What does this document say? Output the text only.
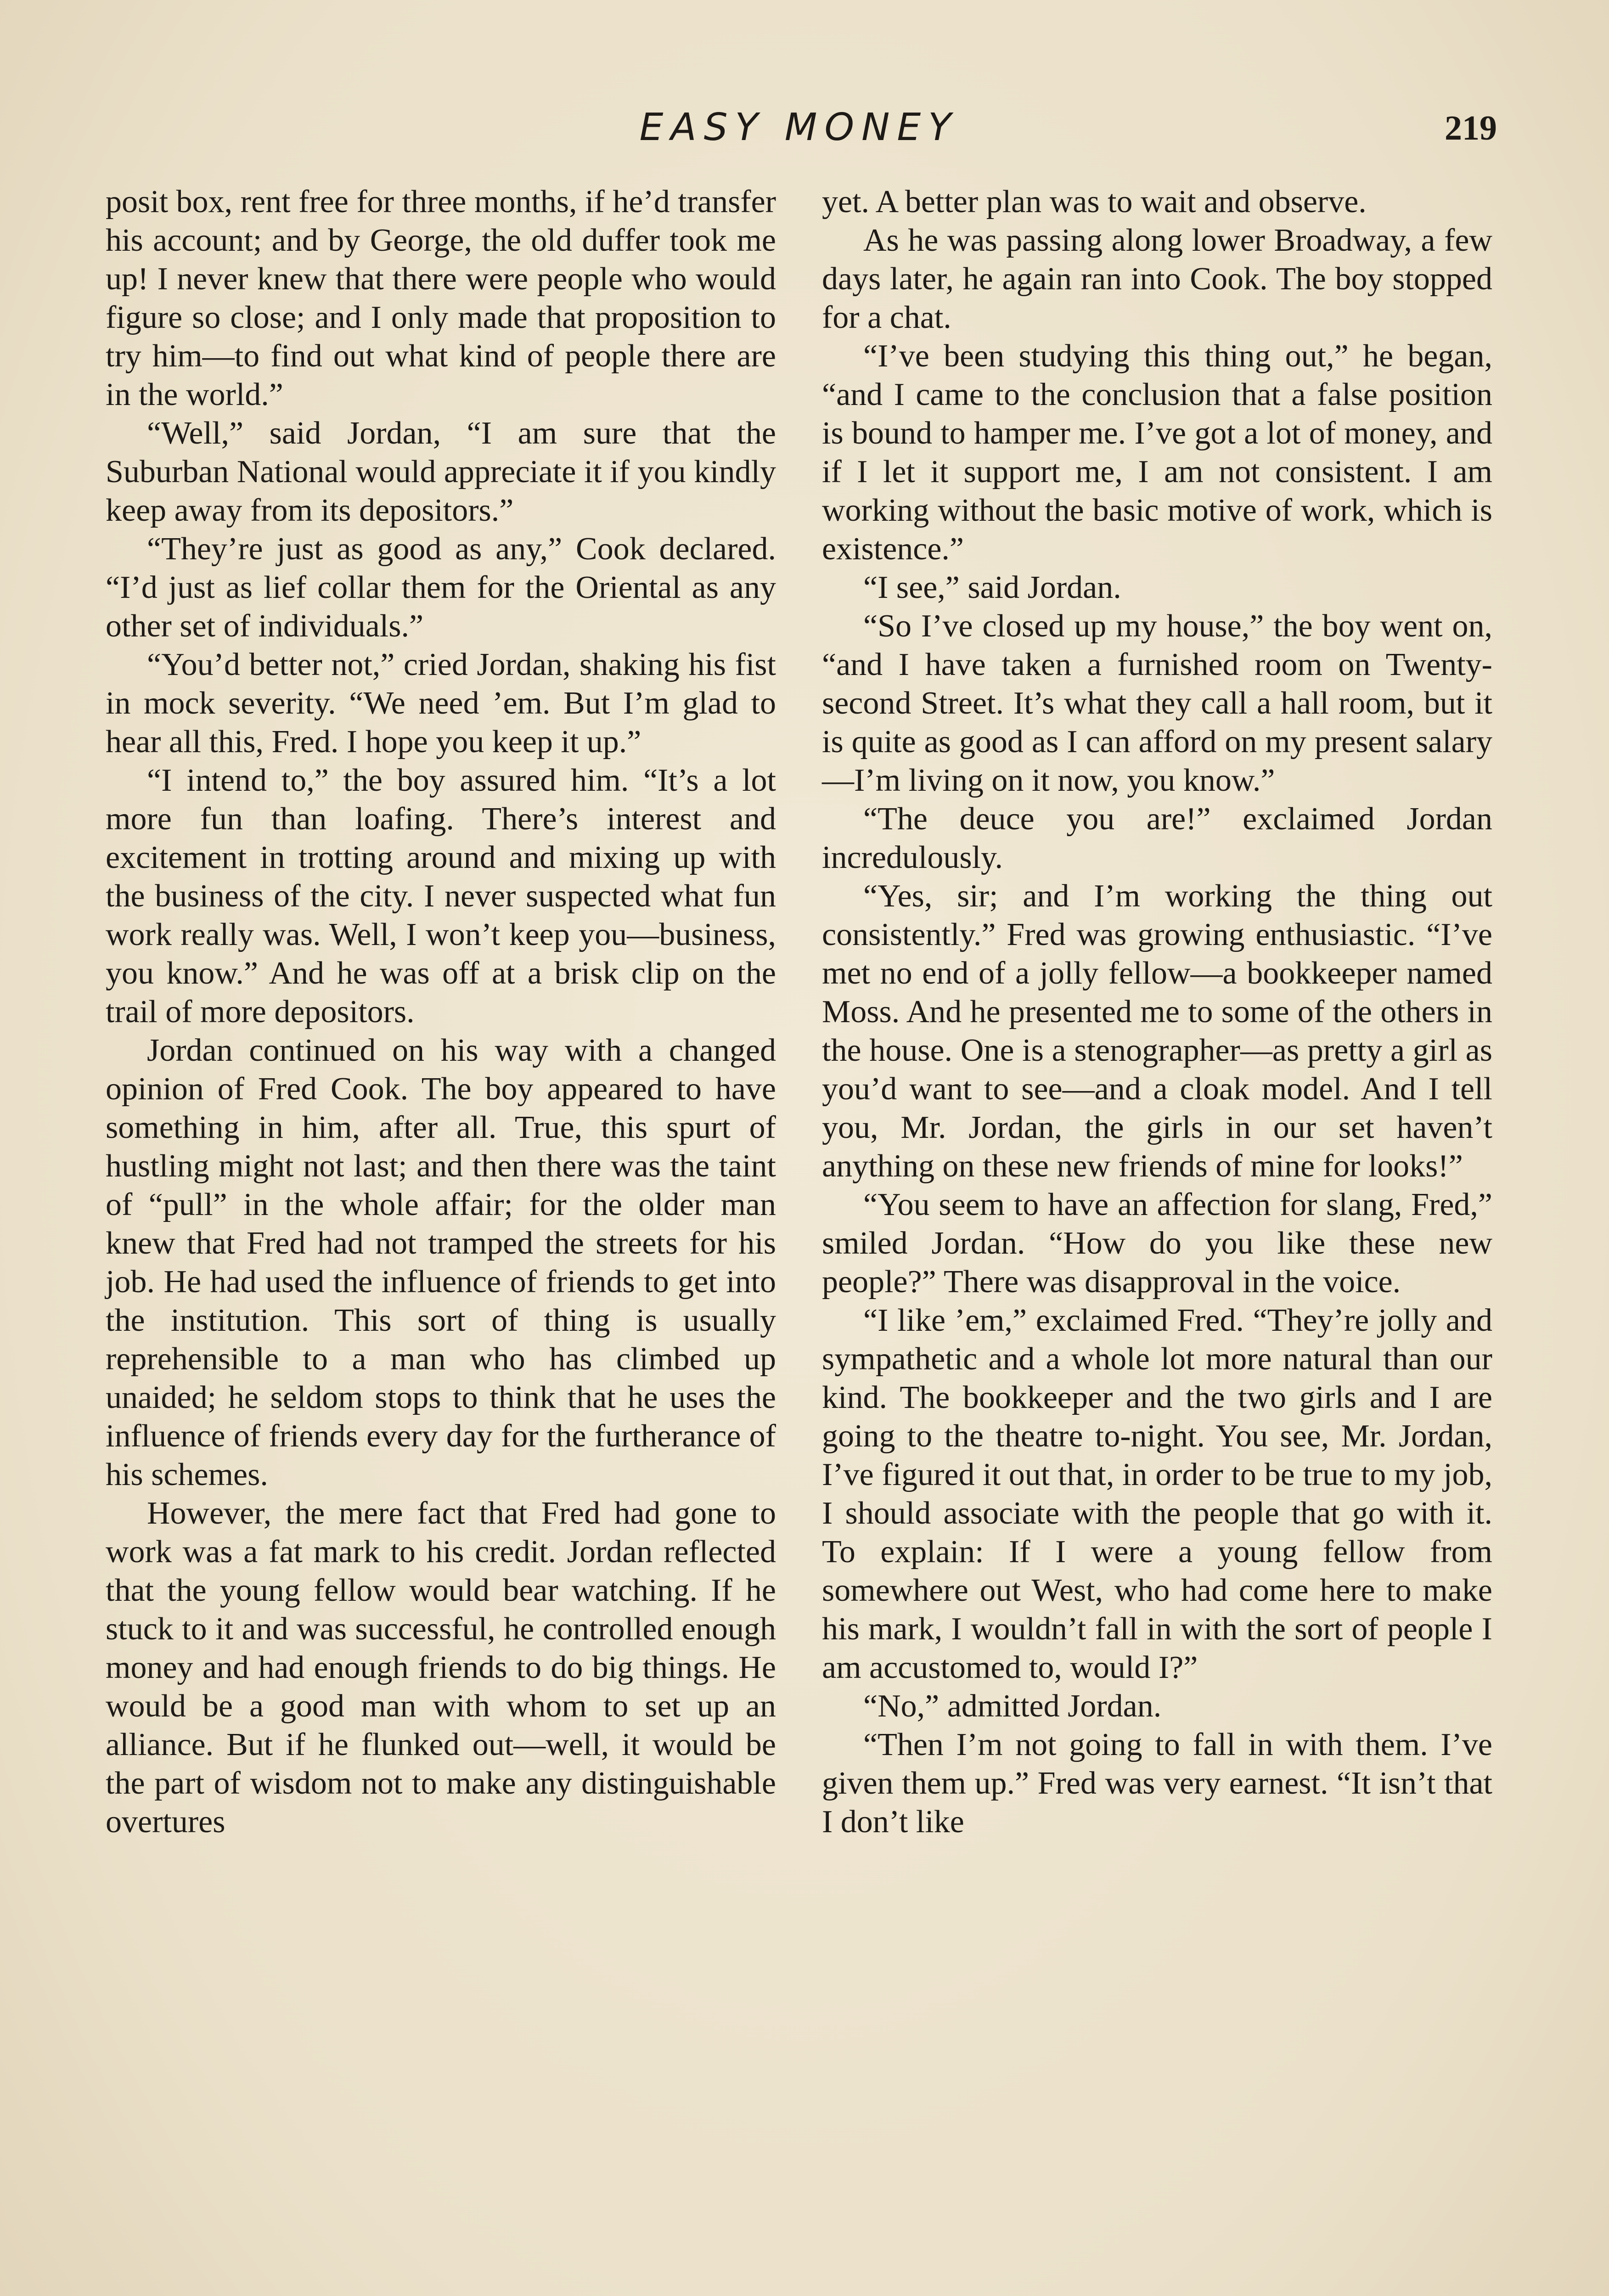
EASY MONEY	219

posit box, rent free for three months, if he’d transfer his account; and by George, the old duffer took me up! I never knew that there were people who would figure so close; and I only made that proposition to try him—to find out what kind of people there are in the world.”

“Well,” said Jordan, “I am sure that the Suburban National would appreciate it if you kindly keep away from its depositors.”

“They’re just as good as any,” Cook declared. “I’d just as lief collar them for the Oriental as any other set of individuals.”

“You’d better not,” cried Jordan, shaking his fist in mock severity. “We need ’em. But I’m glad to hear all this, Fred. I hope you keep it up.”

“I intend to,” the boy assured him. “It’s a lot more fun than loafing. There’s interest and excitement in trotting around and mixing up with the business of the city. I never suspected what fun work really was. Well, I won’t keep you—business, you know.” And he was off at a brisk clip on the trail of more depositors.

Jordan continued on his way with a changed opinion of Fred Cook. The boy appeared to have something in him, after all. True, this spurt of hustling might not last; and then there was the taint of “pull” in the whole affair; for the older man knew that Fred had not tramped the streets for his job. He had used the influence of friends to get into the institution. This sort of thing is usually reprehensible to a man who has climbed up unaided; he seldom stops to think that he uses the influence of friends every day for the furtherance of his schemes.

However, the mere fact that Fred had gone to work was a fat mark to his credit. Jordan reflected that the young fellow would bear watching. If he stuck to it and was successful, he controlled enough money and had enough friends to do big things. He would be a good man with whom to set up an alliance. But if he flunked out—well, it would be the part of wisdom not to make any distinguishable overtures

yet. A better plan was to wait and observe.

As he was passing along lower Broadway, a few days later, he again ran into Cook. The boy stopped for a chat.

“I’ve been studying this thing out,” he began, “and I came to the conclusion that a false position is bound to hamper me. I’ve got a lot of money, and if I let it support me, I am not consistent. I am working without the basic motive of work, which is existence.”

“I see,” said Jordan.

“So I’ve closed up my house,” the boy went on, “and I have taken a furnished room on Twenty-second Street. It’s what they call a hall room, but it is quite as good as I can afford on my present salary—I’m living on it now, you know.”

“The deuce you are!” exclaimed Jordan incredulously.

“Yes, sir; and I’m working the thing out consistently.” Fred was growing enthusiastic. “I’ve met no end of a jolly fellow—a bookkeeper named Moss. And he presented me to some of the others in the house. One is a stenographer—as pretty a girl as you’d want to see—and a cloak model. And I tell you, Mr. Jordan, the girls in our set haven’t anything on these new friends of mine for looks!”

“You seem to have an affection for slang, Fred,” smiled Jordan. “How do you like these new people?” There was disapproval in the voice.

“I like ’em,” exclaimed Fred. “They’re jolly and sympathetic and a whole lot more natural than our kind. The bookkeeper and the two girls and I are going to the theatre to-night. You see, Mr. Jordan, I’ve figured it out that, in order to be true to my job, I should associate with the people that go with it. To explain: If I were a young fellow from somewhere out West, who had come here to make his mark, I wouldn’t fall in with the sort of people I am accustomed to, would I?”

“No,” admitted Jordan.

“Then I’m not going to fall in with them. I’ve given them up.” Fred was very earnest. “It isn’t that I don’t like
